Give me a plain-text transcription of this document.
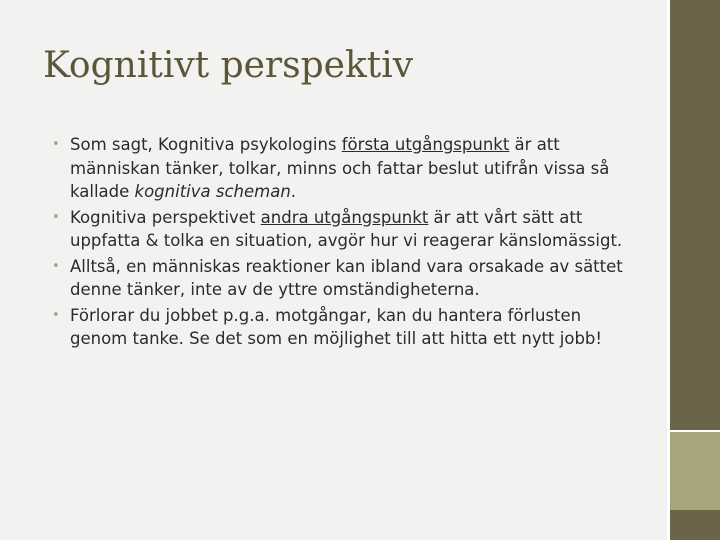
Kognitivt perspektiv
• Som sagt, Kognitiva psykologins första utgångspunkt är att människan tänker, tolkar, minns och fattar beslut utifrån vissa så kallade kognitiva scheman.
• Kognitiva perspektivet andra utgångspunkt är att vårt sätt att uppfatta & tolka en situation, avgör hur vi reagerar känslomässigt.
• Alltså, en människas reaktioner kan ibland vara orsakade av sättet denne tänker, inte av de yttre omständigheterna.
• Förlorar du jobbet p.g.a. motgångar, kan du hantera förlusten genom tanke. Se det som en möjlighet till att hitta ett nytt jobb!
